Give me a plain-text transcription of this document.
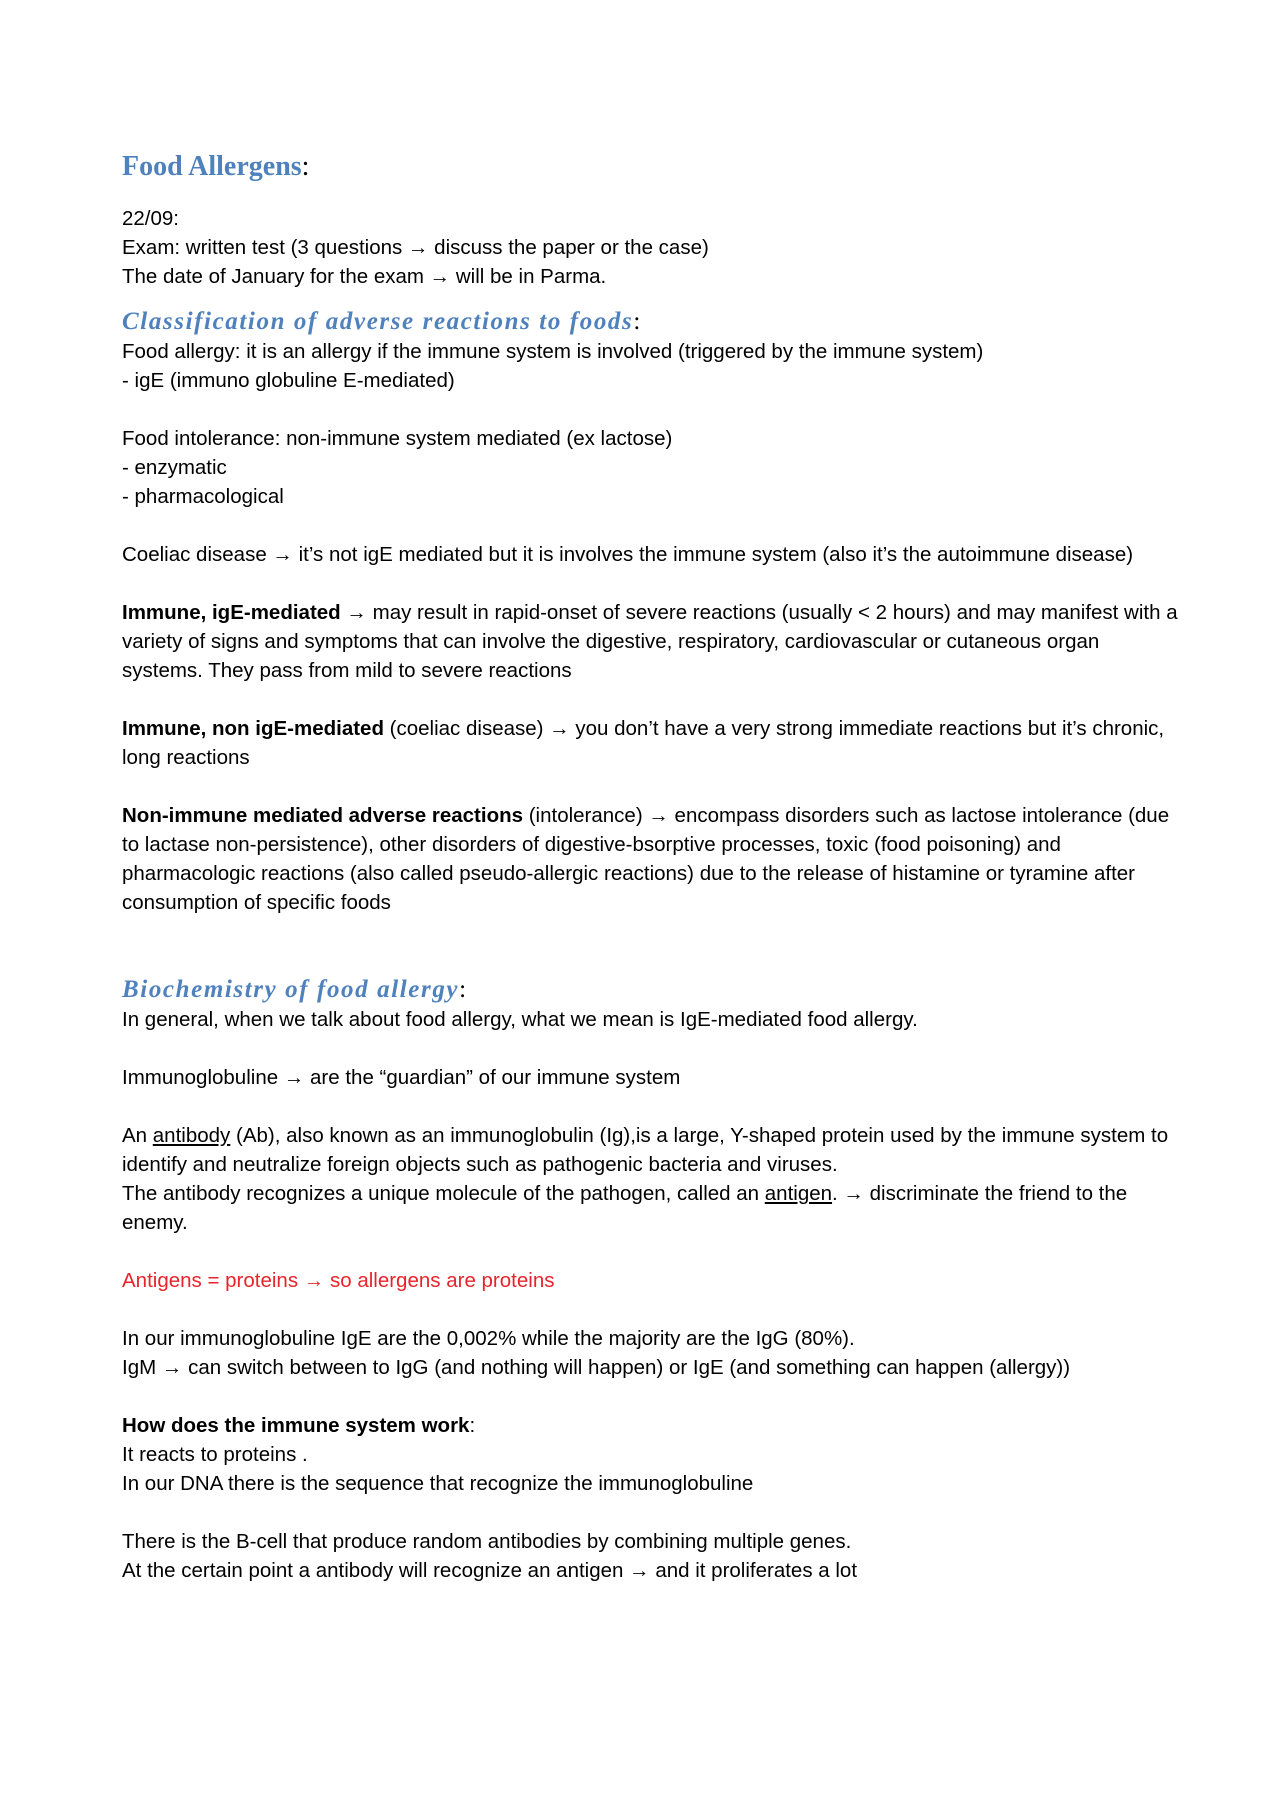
Food Allergens:

22/09:

Exam: written test (3 questions → discuss the paper or the case)

The date of January for the exam → will be in Parma.

Classification of adverse reactions to foods:

Food allergy: it is an allergy if the immune system is involved (triggered by the immune system)

- igE (immuno globuline E-mediated)

Food intolerance: non-immune system mediated (ex lactose)

- enzymatic

- pharmacological

Coeliac disease → it’s not igE mediated but it is involves the immune system (also it’s the autoimmune disease)

Immune, igE-mediated → may result in rapid-onset of severe reactions (usually < 2 hours) and may manifest with a variety of signs and symptoms that can involve the digestive, respiratory, cardiovascular or cutaneous organ systems. They pass from mild to severe reactions

Immune, non igE-mediated (coeliac disease) → you don’t have a very strong immediate reactions but it’s chronic, long reactions

Non-immune mediated adverse reactions (intolerance) → encompass disorders such as lactose intolerance (due to lactase non-persistence), other disorders of digestive-bsorptive processes, toxic (food poisoning) and pharmacologic reactions (also called pseudo-allergic reactions) due to the release of histamine or tyramine after consumption of specific foods

Biochemistry of food allergy:

In general, when we talk about food allergy, what we mean is IgE-mediated food allergy.

Immunoglobuline → are the “guardian” of our immune system

An antibody (Ab), also known as an immunoglobulin (Ig),is a large, Y-shaped protein used by the immune system to identify and neutralize foreign objects such as pathogenic bacteria and viruses.

The antibody recognizes a unique molecule of the pathogen, called an antigen. → discriminate the friend to the enemy.

Antigens = proteins → so allergens are proteins

In our immunoglobuline IgE are the 0,002% while the majority are the IgG (80%).

IgM → can switch between to IgG (and nothing will happen) or IgE (and something can happen (allergy))

How does the immune system work:

It reacts to proteins .

In our DNA there is the sequence that recognize the immunoglobuline

There is the B-cell that produce random antibodies by combining multiple genes.

At the certain point a antibody will recognize an antigen → and it proliferates a lot
